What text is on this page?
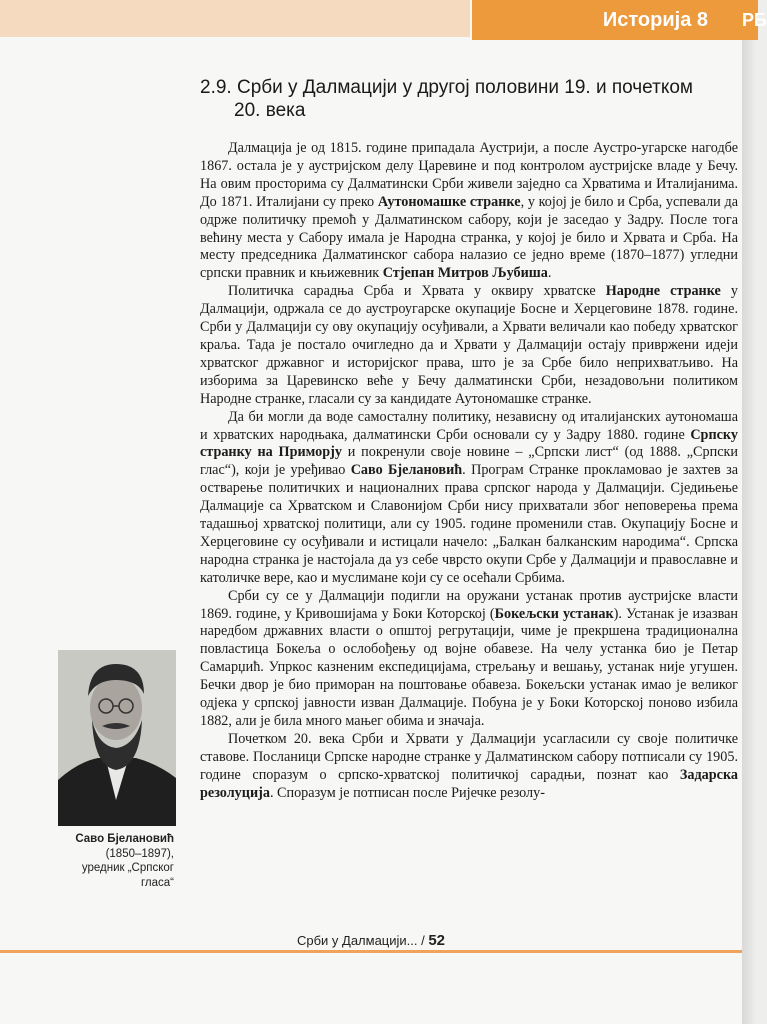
Историја 8 РБ
2.9. Срби у Далмацији у другој половини 19. и почетком
20. века

Далмација је од 1815. године припадала Аустрији, а после Аустро-угарске нагодбе 1867. остала је у аустријском делу Царевине и под контролом аустријске владе у Бечу. На овим просторима су Далматински Срби живели заједно са Хрватима и Италијанима. До 1871. Италијани су преко Аутономашке странке, у којој је било и Срба, успевали да одрже политичку премоћ у Далматинском сабору, који је заседао у Задру. После тога већину места у Сабору имала је Народна странка, у којој је било и Хрвата и Срба. На месту председника Далматинског сабора налазио се једно време (1870–1877) угледни српски правник и књижевник Стјепан Митров Љубиша.

Политичка сарадња Срба и Хрвата у оквиру хрватске Народне странке у Далмацији, одржала се до аустроугарске окупације Босне и Херцеговине 1878. године. Срби у Далмацији су ову окупацију осуђивали, а Хрвати величали као победу хрватског краља. Тада је постало очигледно да и Хрвати у Далмацији остају привржени идеји хрватског државног и историјског права, што је за Србе било неприхватљиво. На изборима за Царевинско веће у Бечу далматински Срби, незадовољни политиком Народне странке, гласали су за кандидате Аутономашке странке.

Да би могли да воде самосталну политику, независну од италијанских аутономаша и хрватских народњака, далматински Срби основали су у Задру 1880. године Српску странку на Приморју и покренули своје новине – „Српски лист“ (од 1888. „Српски глас“), који је уређивао Саво Бјелановић. Програм Странке прокламовао је захтев за остварење политичких и националних права српског народа у Далмацији. Сједињење Далмације са Хрватском и Славонијом Срби нису прихватали због неповерења према тадашњој хрватској политици, али су 1905. године променили став. Окупацију Босне и Херцеговине су осуђивали и истицали начело: „Балкан балканским народима“. Српска народна странка је настојала да уз себе чврсто окупи Србе у Далмацији и православне и католичке вере, као и муслимане који су се осећали Србима.

Срби су се у Далмацији подигли на оружани устанак против аустријске власти 1869. године, у Кривошијама у Боки Которској (Бокељски устанак). Устанак је изазван наредбом државних власти о општој регрутацији, чиме је прекршена традиционална повластица Бокеља о ослобођењу од војне обавезе. На челу устанка био је Петар Самарџић. Упркос казненим експедицијама, стрељању и вешању, устанак није угушен. Бечки двор је био приморан на поштовање обавеза. Бокељски устанак имао је великог одјека у српској јавности изван Далмације. Побуна је у Боки Которској поново избила 1882, али је била много мањег обима и значаја.

Почетком 20. века Срби и Хрвати у Далмацији усагласили су своје политичке ставове. Посланици Српске народне странке у Далматинском сабору потписали су 1905. године споразум о српско-хрватској политичкој сарадњи, познат као Задарска резолуција. Споразум је потписан после Ријечке резолу-

Саво Бјелановић
(1850–1897),
уредник „Српског
гласа“
Срби у Далмацији... / 52
